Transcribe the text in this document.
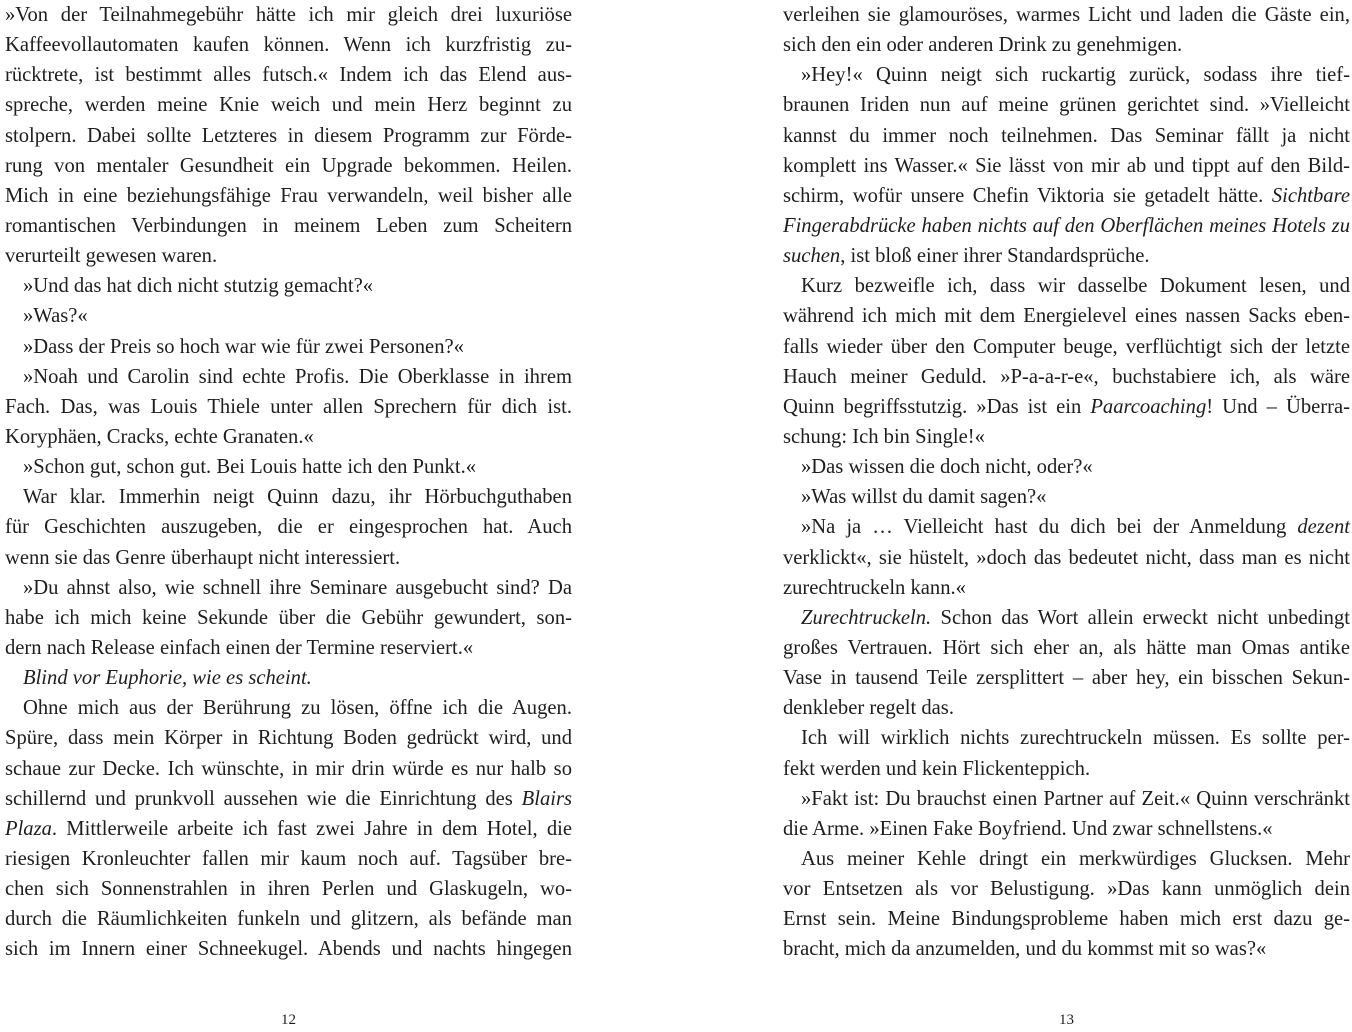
»Von der Teilnahmegebühr hätte ich mir gleich drei luxuriöse
Kaffeevollautomaten kaufen können. Wenn ich kurzfristig zu-
rücktrete, ist bestimmt alles futsch.« Indem ich das Elend aus-
spreche, werden meine Knie weich und mein Herz beginnt zu
stolpern. Dabei sollte Letzteres in diesem Programm zur Förde-
rung von mentaler Gesundheit ein Upgrade bekommen. Heilen.
Mich in eine beziehungsfähige Frau verwandeln, weil bisher alle
romantischen Verbindungen in meinem Leben zum Scheitern
verurteilt gewesen waren.
»Und das hat dich nicht stutzig gemacht?«
»Was?«
»Dass der Preis so hoch war wie für zwei Personen?«
»Noah und Carolin sind echte Profis. Die Oberklasse in ihrem
Fach. Das, was Louis Thiele unter allen Sprechern für dich ist.
Koryphäen, Cracks, echte Granaten.«
»Schon gut, schon gut. Bei Louis hatte ich den Punkt.«
War klar. Immerhin neigt Quinn dazu, ihr Hörbuchguthaben
für Geschichten auszugeben, die er eingesprochen hat. Auch
wenn sie das Genre überhaupt nicht interessiert.
»Du ahnst also, wie schnell ihre Seminare ausgebucht sind? Da
habe ich mich keine Sekunde über die Gebühr gewundert, son-
dern nach Release einfach einen der Termine reserviert.«
Blind vor Euphorie, wie es scheint.
Ohne mich aus der Berührung zu lösen, öffne ich die Augen.
Spüre, dass mein Körper in Richtung Boden gedrückt wird, und
schaue zur Decke. Ich wünschte, in mir drin würde es nur halb so
schillernd und prunkvoll aussehen wie die Einrichtung des Blairs
Plaza. Mittlerweile arbeite ich fast zwei Jahre in dem Hotel, die
riesigen Kronleuchter fallen mir kaum noch auf. Tagsüber bre-
chen sich Sonnenstrahlen in ihren Perlen und Glaskugeln, wo-
durch die Räumlichkeiten funkeln und glitzern, als befände man
sich im Innern einer Schneekugel. Abends und nachts hingegen
12
verleihen sie glamouröses, warmes Licht und laden die Gäste ein,
sich den ein oder anderen Drink zu genehmigen.
»Hey!« Quinn neigt sich ruckartig zurück, sodass ihre tief-
braunen Iriden nun auf meine grünen gerichtet sind. »Vielleicht
kannst du immer noch teilnehmen. Das Seminar fällt ja nicht
komplett ins Wasser.« Sie lässt von mir ab und tippt auf den Bild-
schirm, wofür unsere Chefin Viktoria sie getadelt hätte. Sichtbare
Fingerabdrücke haben nichts auf den Oberflächen meines Hotels zu
suchen, ist bloß einer ihrer Standardsprüche.
Kurz bezweifle ich, dass wir dasselbe Dokument lesen, und
während ich mich mit dem Energielevel eines nassen Sacks eben-
falls wieder über den Computer beuge, verflüchtigt sich der letzte
Hauch meiner Geduld. »P-a-a-r-e«, buchstabiere ich, als wäre
Quinn begriffsstutzig. »Das ist ein Paarcoaching! Und – Überra-
schung: Ich bin Single!«
»Das wissen die doch nicht, oder?«
»Was willst du damit sagen?«
»Na ja … Vielleicht hast du dich bei der Anmeldung dezent
verklickt«, sie hüstelt, »doch das bedeutet nicht, dass man es nicht
zurechtruckeln kann.«
Zurechtruckeln. Schon das Wort allein erweckt nicht unbedingt
großes Vertrauen. Hört sich eher an, als hätte man Omas antike
Vase in tausend Teile zersplittert – aber hey, ein bisschen Sekun-
denkleber regelt das.
Ich will wirklich nichts zurechtruckeln müssen. Es sollte per-
fekt werden und kein Flickenteppich.
»Fakt ist: Du brauchst einen Partner auf Zeit.« Quinn verschränkt
die Arme. »Einen Fake Boyfriend. Und zwar schnellstens.«
Aus meiner Kehle dringt ein merkwürdiges Glucksen. Mehr
vor Entsetzen als vor Belustigung. »Das kann unmöglich dein
Ernst sein. Meine Bindungsprobleme haben mich erst dazu ge-
bracht, mich da anzumelden, und du kommst mit so was?«
13
